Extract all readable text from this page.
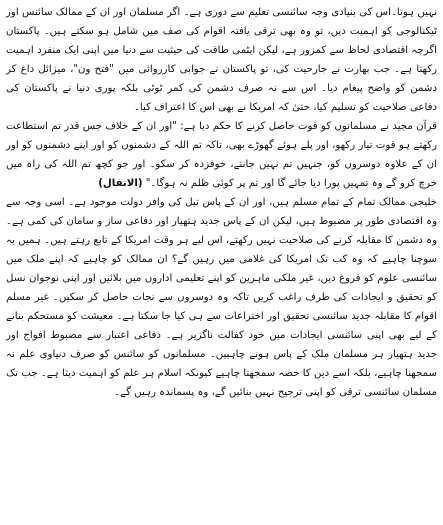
نہیں ہوتا۔اس کی بنیادی وجہ سائنسی تعلیم سے دوری ہے۔ اگر مسلمان اور ان کے ممالک سائنس اور ٹیکنالوجی کو اہمیت دیں، تو وہ بھی ترقی یافتہ اقوام کی صف میں شامل ہو سکتے ہیں۔ پاکستان اگرچہ اقتصادی لحاظ سے کمزور ہے، لیکن ایٹمی طاقت کی حیثیت سے دنیا میں اپنی ایک منفرد اہمیت رکھتا ہے۔ جب بھارت نے جارحیت کی، تو پاکستان نے جوابی کارروائی میں "فتح ون"، میزائل داغ کر دشمن کو واضح پیغام دیا۔ اس سے نہ صرف دشمن کی کمر ٹوٹی بلکہ پوری دنیا نے پاکستان کی دفاعی صلاحیت کو تسلیم کیا، حتیٰ کہ امریکا نے بھی اس کا اعتراف کیا۔

قرآن مجید نے مسلمانوں کو قوت حاصل کرنے کا حکم دیا ہے: "اور ان کے خلاف جس قدر تم استطاعت رکھتے ہو قوت تیار رکھو، اور پلے ہوئے گھوڑے بھی، تاکہ تم اللہ کے دشمنوں کو اور اپنے دشمنوں کو اور ان کے علاوہ دوسروں کو، جنہیں تم نہیں جانتے، خوفزدہ کر سکو۔ اور جو کچھ تم اللہ کی راہ میں خرچ کرو گے وہ تمہیں پورا دیا جائے گا اور تم پر کوئی ظلم نہ ہوگا۔" (الانفال)

خلیجی ممالک تمام کے تمام مسلم ہیں، اور ان کے پاس تیل کی وافر دولت موجود ہے۔ اسی وجہ سے وہ اقتصادی طور پر مضبوط ہیں، لیکن ان کے پاس جدید ہتھیار اور دفاعی ساز و سامان کی کمی ہے۔ وہ دشمن کا مقابلہ کرنے کی صلاحیت نہیں رکھتے، اس لیے ہر وقت امریکا کے تابع رہتے ہیں۔ ہمیں یہ سوچنا چاہیے کہ وہ کب تک امریکا کی غلامی میں رہیں گے؟ ان ممالک کو چاہیے کہ اپنے ملک میں سائنسی علوم کو فروغ دیں، غیر ملکی ماہرین کو اپنے تعلیمی اداروں میں بلائیں اور اپنی نوجوان نسل کو تحقیق و ایجادات کی طرف راغب کریں تاکہ وہ دوسروں سے نجات حاصل کر سکیں۔ غیر مسلم اقوام کا مقابلہ جدید سائنسی تحقیق اور اختراعات سے ہی کیا جا سکتا ہے۔ معیشت کو مستحکم بنانے کے لیے بھی اپنی سائنسی ایجادات میں خود کفالت ناگزیر ہے۔ دفاعی اعتبار سے مضبوط افواج اور جدید ہتھیار ہر مسلمان ملک کے پاس ہونے چاہییں۔ مسلمانوں کو سائنس کو صرف دنیاوی علم نہ سمجھنا چاہیے، بلکہ اسے دین کا حصہ سمجھنا چاہیے کیونکہ اسلام ہر علم کو اہمیت دیتا ہے۔ جب تک مسلمان سائنسی ترقی کو اپنی ترجیح نہیں بنائیں گے، وہ پسماندہ رہیں گے۔
